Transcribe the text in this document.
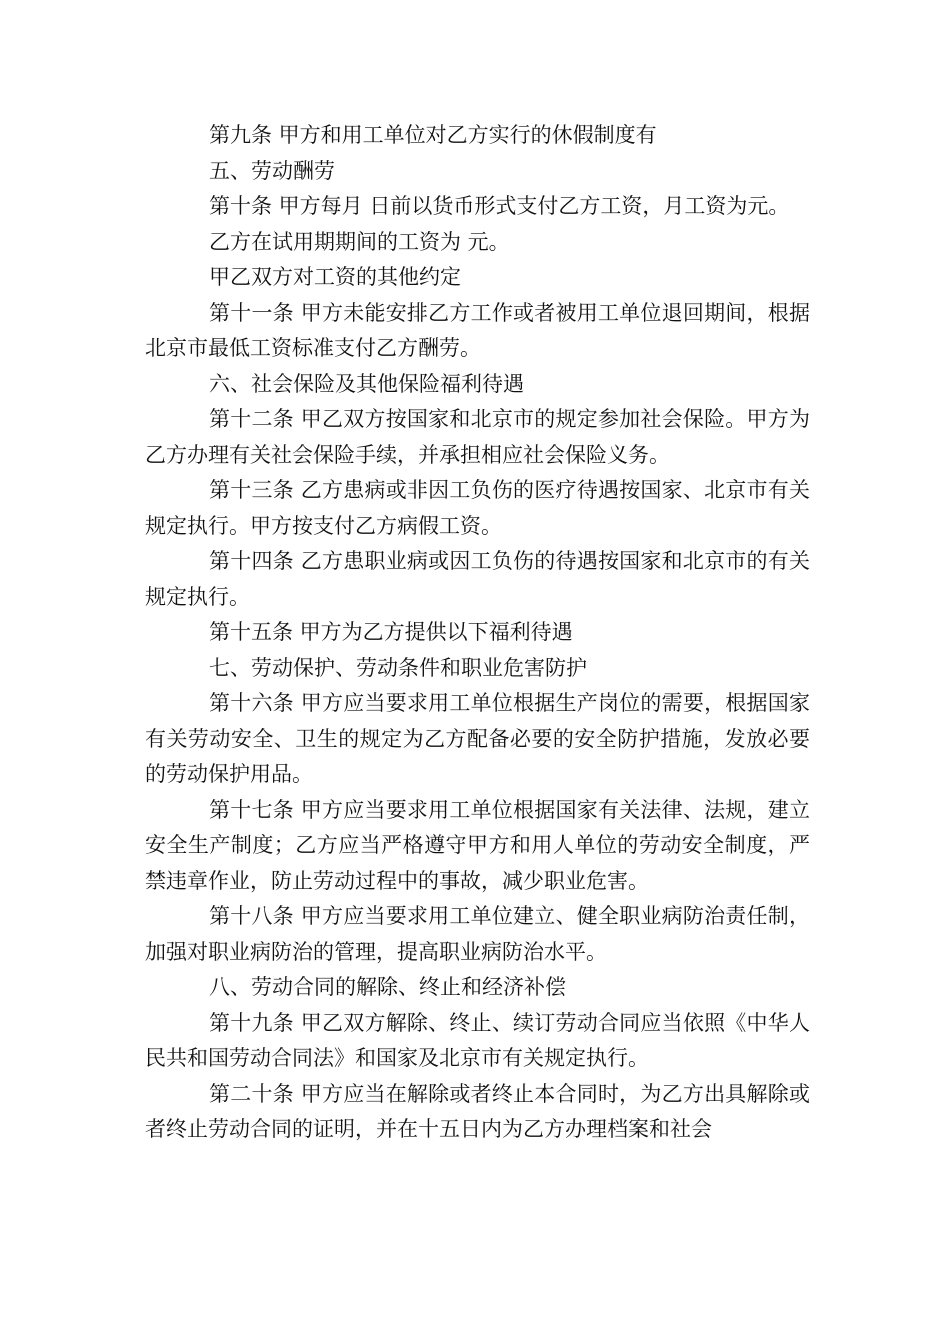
第九条 甲方和用工单位对乙方实行的休假制度有

五、劳动酬劳

第十条 甲方每月 日前以货币形式支付乙方工资，月工资为元。

乙方在试用期期间的工资为 元。

甲乙双方对工资的其他约定

第十一条 甲方未能安排乙方工作或者被用工单位退回期间，根据北京市最低工资标准支付乙方酬劳。

六、社会保险及其他保险福利待遇

第十二条 甲乙双方按国家和北京市的规定参加社会保险。甲方为乙方办理有关社会保险手续，并承担相应社会保险义务。

第十三条 乙方患病或非因工负伤的医疗待遇按国家、北京市有关规定执行。甲方按支付乙方病假工资。

第十四条 乙方患职业病或因工负伤的待遇按国家和北京市的有关规定执行。

第十五条 甲方为乙方提供以下福利待遇

七、劳动保护、劳动条件和职业危害防护

第十六条 甲方应当要求用工单位根据生产岗位的需要，根据国家有关劳动安全、卫生的规定为乙方配备必要的安全防护措施，发放必要的劳动保护用品。

第十七条 甲方应当要求用工单位根据国家有关法律、法规，建立安全生产制度；乙方应当严格遵守甲方和用人单位的劳动安全制度，严禁违章作业，防止劳动过程中的事故，减少职业危害。

第十八条 甲方应当要求用工单位建立、健全职业病防治责任制，加强对职业病防治的管理，提高职业病防治水平。

八、劳动合同的解除、终止和经济补偿

第十九条 甲乙双方解除、终止、续订劳动合同应当依照《中华人民共和国劳动合同法》和国家及北京市有关规定执行。

第二十条 甲方应当在解除或者终止本合同时，为乙方出具解除或者终止劳动合同的证明，并在十五日内为乙方办理档案和社会
